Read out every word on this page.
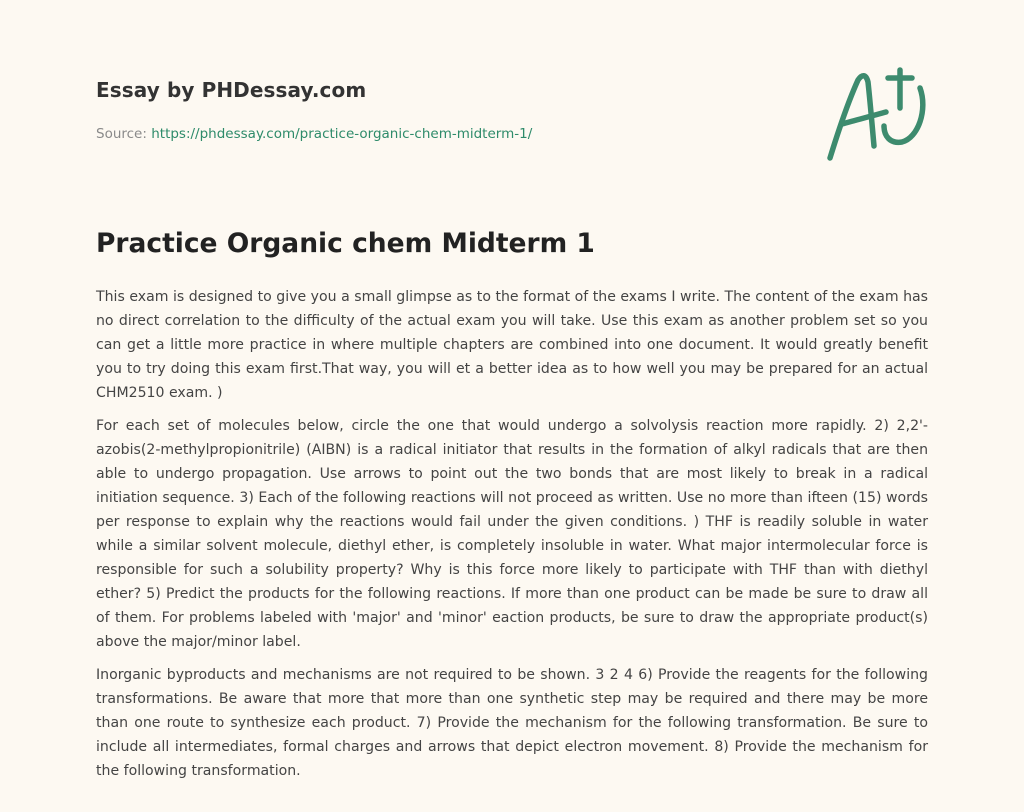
Essay by PHDessay.com
Source: https://phdessay.com/practice-organic-chem-midterm-1/
Practice Organic chem Midterm 1

This exam is designed to give you a small glimpse as to the format of the exams I write. The content of the exam has no direct correlation to the difficulty of the actual exam you will take. Use this exam as another problem set so you can get a little more practice in where multiple chapters are combined into one document. It would greatly benefit you to try doing this exam first.That way, you will et a better idea as to how well you may be prepared for an actual CHM2510 exam. )

For each set of molecules below, circle the one that would undergo a solvolysis reaction more rapidly. 2) 2,2'-azobis(2-methylpropionitrile) (AIBN) is a radical initiator that results in the formation of alkyl radicals that are then able to undergo propagation. Use arrows to point out the two bonds that are most likely to break in a radical initiation sequence. 3) Each of the following reactions will not proceed as written. Use no more than ifteen (15) words per response to explain why the reactions would fail under the given conditions. ) THF is readily soluble in water while a similar solvent molecule, diethyl ether, is completely insoluble in water. What major intermolecular force is responsible for such a solubility property? Why is this force more likely to participate with THF than with diethyl ether? 5) Predict the products for the following reactions. If more than one product can be made be sure to draw all of them. For problems labeled with 'major' and 'minor' eaction products, be sure to draw the appropriate product(s) above the major/minor label.

Inorganic byproducts and mechanisms are not required to be shown. 3 2 4 6) Provide the reagents for the following transformations. Be aware that more that more than one synthetic step may be required and there may be more than one route to synthesize each product. 7) Provide the mechanism for the following transformation. Be sure to include all intermediates, formal charges and arrows that depict electron movement. 8) Provide the mechanism for the following transformation.
